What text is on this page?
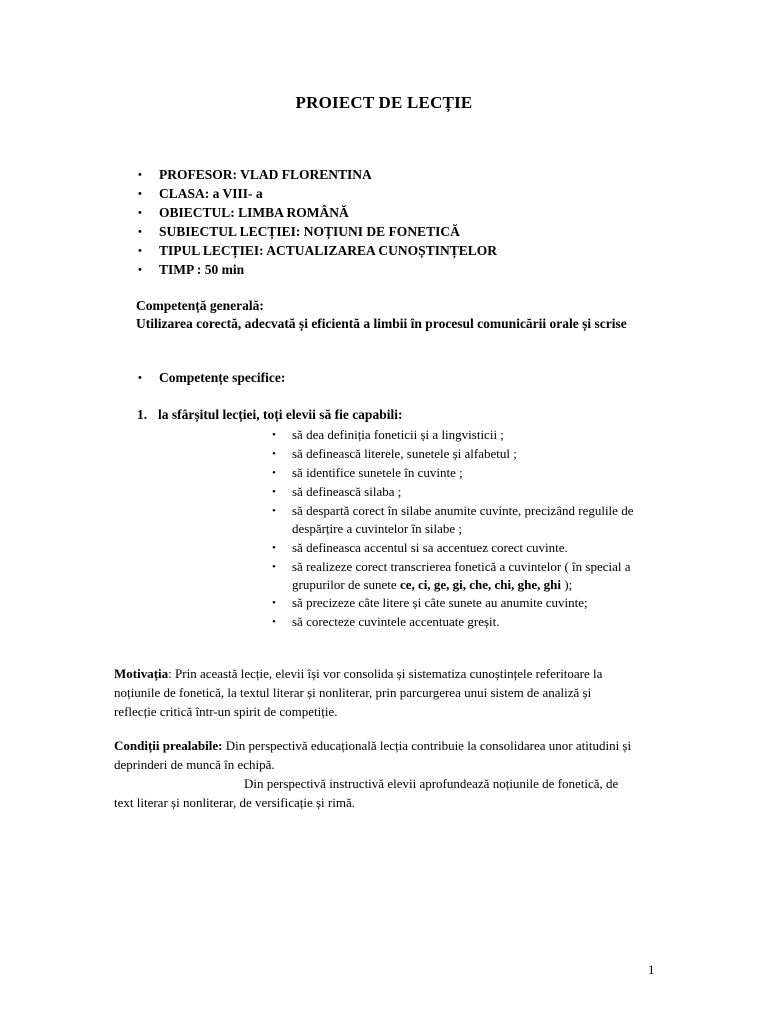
PROIECT DE LECȚIE
•
PROFESOR: VLAD FLORENTINA
•
CLASA: a VIII- a
•
OBIECTUL: LIMBA ROMÂNĂ
•
SUBIECTUL LECȚIEI: NOȚIUNI DE FONETICĂ
•
TIPUL LECȚIEI: ACTUALIZAREA CUNOȘTINȚELOR
•
TIMP : 50 min
Competență generală:
Utilizarea corectă, adecvată și eficientă a limbii în procesul comunicării orale și scrise
•
Competențe specifice:
1. la sfârșitul lecției, toți elevii să fie capabili:
•
să dea definiția foneticii și a lingvisticii ;
•
să definească literele, sunetele și alfabetul ;
•
să identifice sunetele în cuvinte ;
•
să definească silaba ;
•
să despartă corect în silabe anumite cuvinte, precizând regulile de despărțire a cuvintelor în silabe ;
•
să defineasca accentul si sa accentuez corect cuvinte.
•
să realizeze corect transcrierea fonetică a cuvintelor ( în special a grupurilor de sunete ce, ci, ge, gi, che, chi, ghe, ghi );
•
să precizeze câte litere și câte sunete au anumite cuvinte;
•
să corecteze cuvintele accentuate greșit.
Motivația: Prin această lecție, elevii își vor consolida și sistematiza cunoștințele referitoare la noțiunile de fonetică, la textul literar și nonliterar, prin parcurgerea unui sistem de analiză și reflecție critică într-un spirit de competiție.
Condiții prealabile: Din perspectivă educațională lecția contribuie la consolidarea unor atitudini și deprinderi de muncă în echipă.
Din perspectivă instructivă elevii aprofundează noțiunile de fonetică, de text literar și nonliterar, de versificație și rimă.
1
